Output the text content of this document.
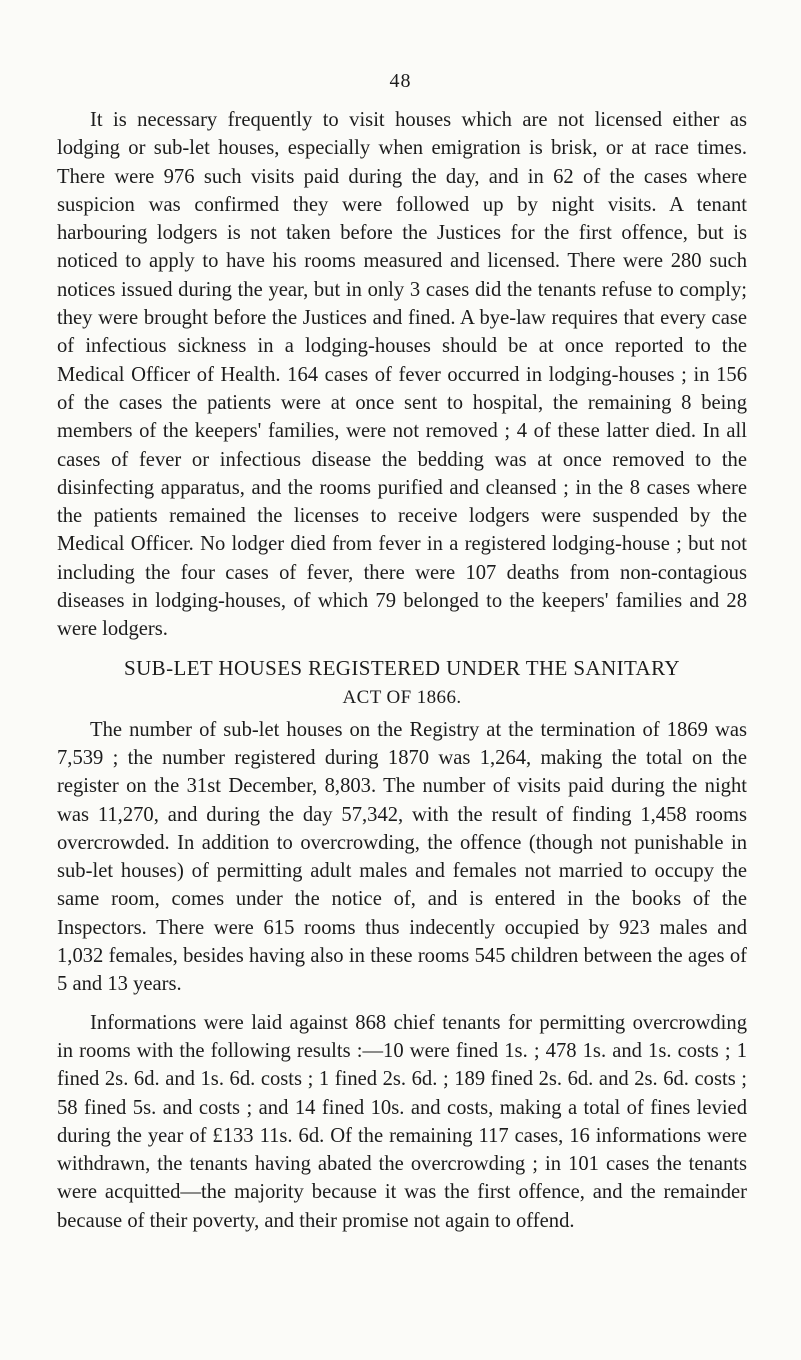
48

It is necessary frequently to visit houses which are not licensed either as lodging or sub-let houses, especially when emigration is brisk, or at race times. There were 976 such visits paid during the day, and in 62 of the cases where suspicion was confirmed they were followed up by night visits. A tenant harbouring lodgers is not taken before the Justices for the first offence, but is noticed to apply to have his rooms measured and licensed. There were 280 such notices issued during the year, but in only 3 cases did the tenants refuse to comply; they were brought before the Justices and fined. A bye-law requires that every case of infectious sickness in a lodging-houses should be at once reported to the Medical Officer of Health. 164 cases of fever occurred in lodging-houses ; in 156 of the cases the patients were at once sent to hospital, the remaining 8 being members of the keepers' families, were not removed ; 4 of these latter died. In all cases of fever or infectious disease the bedding was at once removed to the disinfecting apparatus, and the rooms purified and cleansed ; in the 8 cases where the patients remained the licenses to receive lodgers were suspended by the Medical Officer. No lodger died from fever in a registered lodging-house ; but not including the four cases of fever, there were 107 deaths from non-contagious diseases in lodging-houses, of which 79 belonged to the keepers' families and 28 were lodgers.

SUB-LET HOUSES REGISTERED UNDER THE SANITARY
ACT OF 1866.

The number of sub-let houses on the Registry at the termination of 1869 was 7,539 ; the number registered during 1870 was 1,264, making the total on the register on the 31st December, 8,803. The number of visits paid during the night was 11,270, and during the day 57,342, with the result of finding 1,458 rooms overcrowded. In addition to overcrowding, the offence (though not punishable in sub-let houses) of permitting adult males and females not married to occupy the same room, comes under the notice of, and is entered in the books of the Inspectors. There were 615 rooms thus indecently occupied by 923 males and 1,032 females, besides having also in these rooms 545 children between the ages of 5 and 13 years.

Informations were laid against 868 chief tenants for permitting overcrowding in rooms with the following results :—10 were fined 1s. ; 478 1s. and 1s. costs ; 1 fined 2s. 6d. and 1s. 6d. costs ; 1 fined 2s. 6d. ; 189 fined 2s. 6d. and 2s. 6d. costs ; 58 fined 5s. and costs ; and 14 fined 10s. and costs, making a total of fines levied during the year of £133 11s. 6d. Of the remaining 117 cases, 16 informations were withdrawn, the tenants having abated the overcrowding ; in 101 cases the tenants were acquitted—the majority because it was the first offence, and the remainder because of their poverty, and their promise not again to offend.
